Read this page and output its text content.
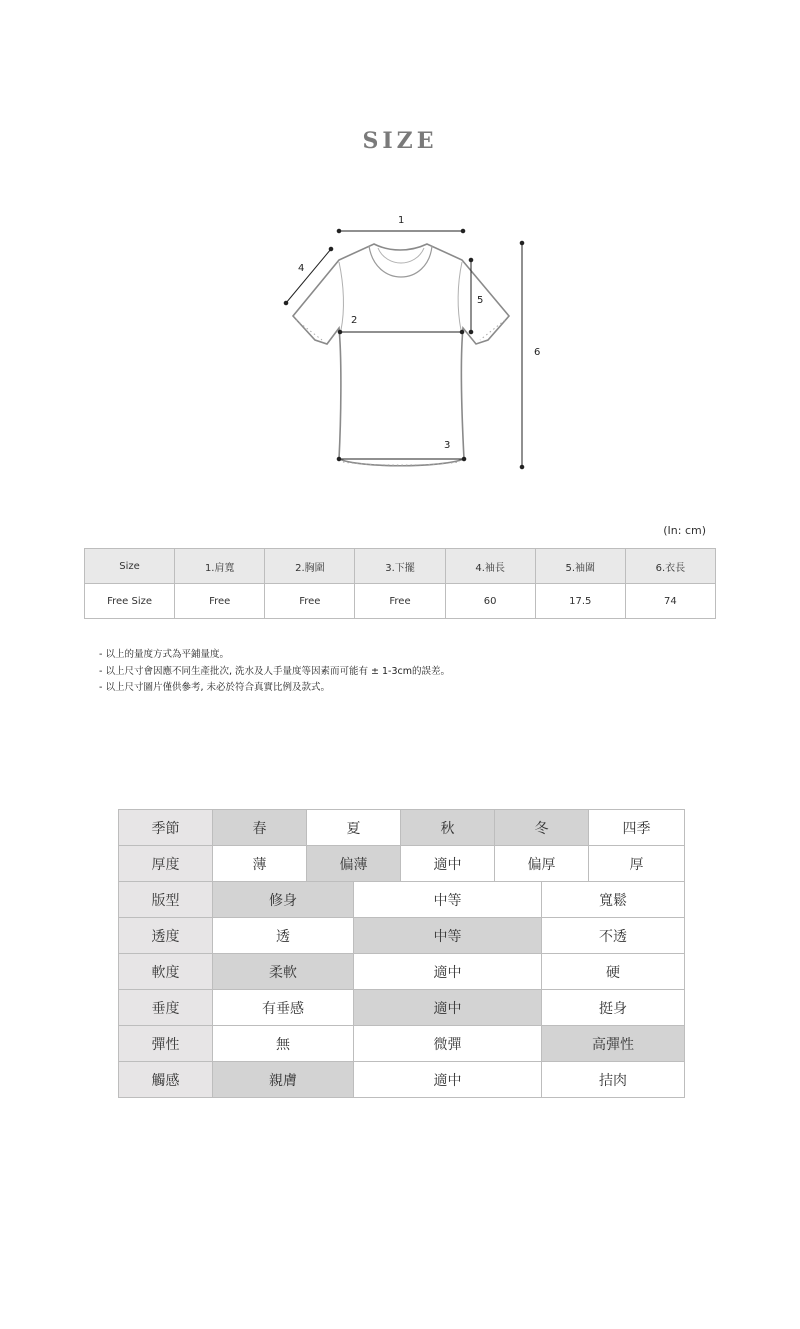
SIZE
1
2
3
4
5
6
(In: cm)
Size	1.肩寬	2.胸圍	3.下擺	4.袖長	5.袖圍	6.衣長
Free Size	Free	Free	Free	60	17.5	74
- 以上的量度方式為平鋪量度。
- 以上尺寸會因應不同生產批次, 洗水及人手量度等因素而可能有 ± 1-3cm的誤差。
- 以上尺寸圖片僅供參考, 未必於符合真實比例及款式。
季節	春	夏		秋	冬		四季
厚度	薄	偏薄		適中	偏厚		厚
版型	修身		中等			寬鬆	
透度	透		中等			不透	
軟度	柔軟		適中			硬	
垂度	有垂感		適中			挺身	
彈性	無		微彈			高彈性	
觸感	親膚		適中			拮肉	
